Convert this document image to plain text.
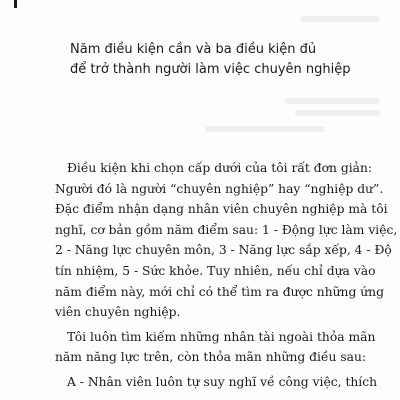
Năm điều kiện cần và ba điều kiện đủ
để trở thành người làm việc chuyên nghiệp

Điều kiện khi chọn cấp dưới của tôi rất đơn giản:
Người đó là người “chuyên nghiệp” hay “nghiệp dư”.
Đặc điểm nhận dạng nhân viên chuyên nghiệp mà tôi
nghĩ, cơ bản gồm năm điểm sau: 1 - Động lực làm việc,
2 - Năng lực chuyên môn, 3 - Năng lực sắp xếp, 4 - Độ
tín nhiệm, 5 - Sức khỏe. Tuy nhiên, nếu chỉ dựa vào
năm điểm này, mới chỉ có thể tìm ra được những ứng
viên chuyên nghiệp.

Tôi luôn tìm kiếm những nhân tài ngoài thỏa mãn
năm năng lực trên, còn thỏa mãn những điều sau:

A - Nhân viên luôn tự suy nghĩ về công việc, thích
